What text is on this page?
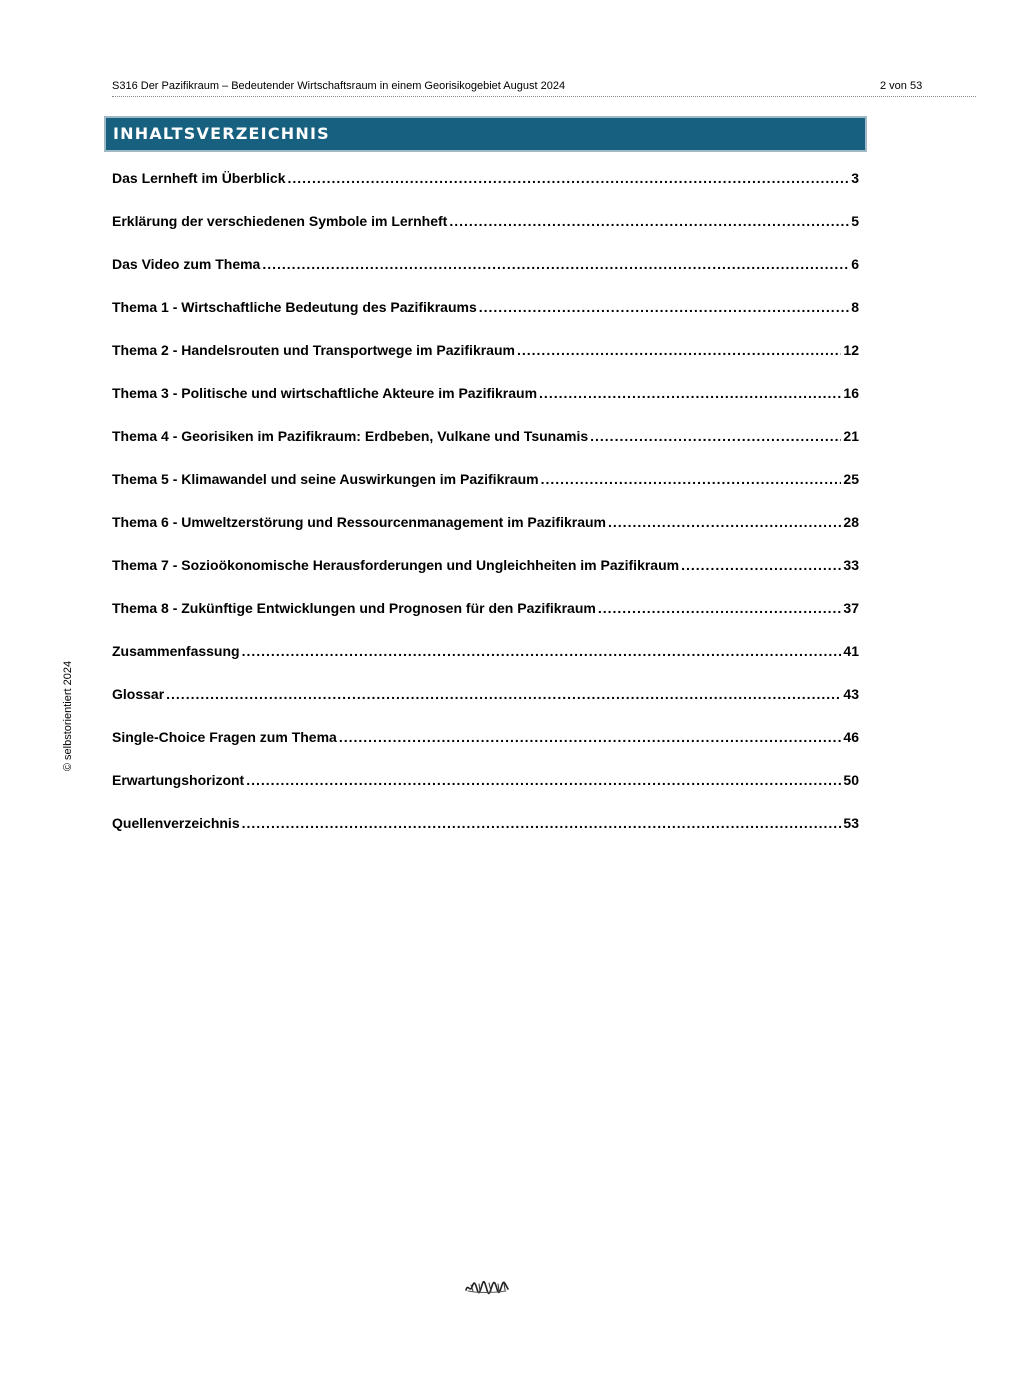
S316 Der Pazifikraum – Bedeutender Wirtschaftsraum in einem Georisikogebiet August 2024	2 von 53
INHALTSVERZEICHNIS
Das Lernheft im Überblick .....	3
Erklärung der verschiedenen Symbole im Lernheft .....	5
Das Video zum Thema .....	6
Thema 1 - Wirtschaftliche Bedeutung des Pazifikraums .....	8
Thema 2 - Handelsrouten und Transportwege im Pazifikraum .....	12
Thema 3 - Politische und wirtschaftliche Akteure im Pazifikraum .....	16
Thema 4 - Georisiken im Pazifikraum: Erdbeben, Vulkane und Tsunamis .....	21
Thema 5 - Klimawandel und seine Auswirkungen im Pazifikraum .....	25
Thema 6 - Umweltzerstörung und Ressourcenmanagement im Pazifikraum .....	28
Thema 7 - Sozioökonomische Herausforderungen und Ungleichheiten im Pazifikraum .....	33
Thema 8 - Zukünftige Entwicklungen und Prognosen für den Pazifikraum .....	37
Zusammenfassung .....	41
Glossar .....	43
Single-Choice Fragen zum Thema .....	46
Erwartungshorizont .....	50
Quellenverzeichnis .....	53
© selbstorientiert 2024
